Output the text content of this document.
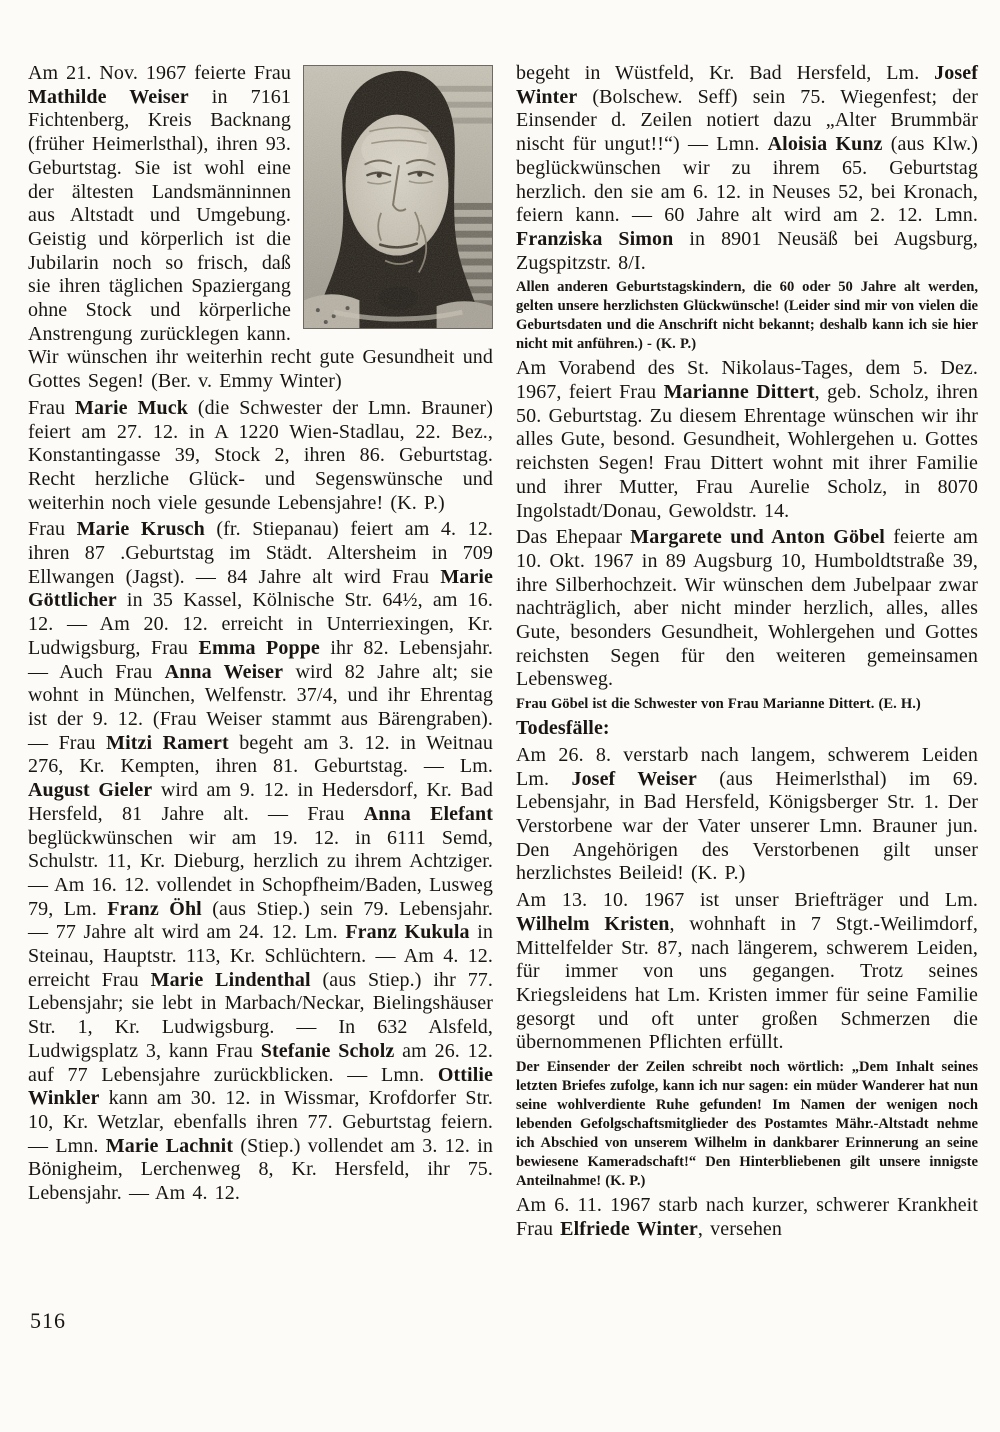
Am 21. Nov. 1967 feierte Frau Mathilde Weiser in 7161 Fichtenberg, Kreis Backnang (früher Heimerlsthal), ihren 93. Geburtstag. Sie ist wohl eine der ältesten Landsmänninnen aus Altstadt und Umgebung. Geistig und körperlich ist die Jubilarin noch so frisch, daß sie ihren täglichen Spaziergang ohne Stock und körperliche Anstrengung zurücklegen kann. Wir wünschen ihr weiterhin recht gute Gesundheit und Gottes Segen! (Ber. v. Emmy Winter)
Frau Marie Muck (die Schwester der Lmn. Brauner) feiert am 27. 12. in A 1220 Wien-Stadlau, 22. Bez., Konstantingasse 39, Stock 2, ihren 86. Geburtstag. Recht herzliche Glück- und Segenswünsche und weiterhin noch viele gesunde Lebensjahre! (K. P.)
Frau Marie Krusch (fr. Stiepanau) feiert am 4. 12. ihren 87 .Geburtstag im Städt. Altersheim in 709 Ellwangen (Jagst). — 84 Jahre alt wird Frau Marie Göttlicher in 35 Kassel, Kölnische Str. 64½, am 16. 12. — Am 20. 12. erreicht in Unterriexingen, Kr. Ludwigsburg, Frau Emma Poppe ihr 82. Lebensjahr. — Auch Frau Anna Weiser wird 82 Jahre alt; sie wohnt in München, Welfenstr. 37/4, und ihr Ehrentag ist der 9. 12. (Frau Weiser stammt aus Bärengraben). — Frau Mitzi Ramert begeht am 3. 12. in Weitnau 276, Kr. Kempten, ihren 81. Geburtstag. — Lm. August Gieler wird am 9. 12. in Hedersdorf, Kr. Bad Hersfeld, 81 Jahre alt. — Frau Anna Elefant beglückwünschen wir am 19. 12. in 6111 Semd, Schulstr. 11, Kr. Dieburg, herzlich zu ihrem Achtziger. — Am 16. 12. vollendet in Schopfheim/Baden, Lusweg 79, Lm. Franz Öhl (aus Stiep.) sein 79. Lebensjahr. — 77 Jahre alt wird am 24. 12. Lm. Franz Kukula in Steinau, Hauptstr. 113, Kr. Schlüchtern. — Am 4. 12. erreicht Frau Marie Lindenthal (aus Stiep.) ihr 77. Lebensjahr; sie lebt in Marbach/Neckar, Bielingshäuser Str. 1, Kr. Ludwigsburg. — In 632 Alsfeld, Ludwigsplatz 3, kann Frau Stefanie Scholz am 26. 12. auf 77 Lebensjahre zurückblicken. — Lmn. Ottilie Winkler kann am 30. 12. in Wissmar, Krofdorfer Str. 10, Kr. Wetzlar, ebenfalls ihren 77. Geburtstag feiern. — Lmn. Marie Lachnit (Stiep.) vollendet am 3. 12. in Bönigheim, Lerchenweg 8, Kr. Hersfeld, ihr 75. Lebensjahr. — Am 4. 12.
begeht in Wüstfeld, Kr. Bad Hersfeld, Lm. Josef Winter (Bolschew. Seff) sein 75. Wiegenfest; der Einsender d. Zeilen notiert dazu „Alter Brummbär nischt für ungut!!“) — Lmn. Aloisia Kunz (aus Klw.) beglückwünschen wir zu ihrem 65. Geburtstag herzlich. den sie am 6. 12. in Neuses 52, bei Kronach, feiern kann. — 60 Jahre alt wird am 2. 12. Lmn. Franziska Simon in 8901 Neusäß bei Augsburg, Zugspitzstr. 8/I.
Allen anderen Geburtstagskindern, die 60 oder 50 Jahre alt werden, gelten unsere herzlichsten Glückwünsche! (Leider sind mir von vielen die Geburtsdaten und die Anschrift nicht bekannt; deshalb kann ich sie hier nicht mit anführen.) - (K. P.)
Am Vorabend des St. Nikolaus-Tages, dem 5. Dez. 1967, feiert Frau Marianne Dittert, geb. Scholz, ihren 50. Geburtstag. Zu diesem Ehrentage wünschen wir ihr alles Gute, besond. Gesundheit, Wohlergehen u. Gottes reichsten Segen! Frau Dittert wohnt mit ihrer Familie und ihrer Mutter, Frau Aurelie Scholz, in 8070 Ingolstadt/Donau, Gewoldstr. 14.
Das Ehepaar Margarete und Anton Göbel feierte am 10. Okt. 1967 in 89 Augsburg 10, Humboldtstraße 39, ihre Silberhochzeit. Wir wünschen dem Jubelpaar zwar nachträglich, aber nicht minder herzlich, alles, alles Gute, besonders Gesundheit, Wohlergehen und Gottes reichsten Segen für den weiteren gemeinsamen Lebensweg.
Frau Göbel ist die Schwester von Frau Marianne Dittert. (E. H.)
Todesfälle:
Am 26. 8. verstarb nach langem, schwerem Leiden Lm. Josef Weiser (aus Heimerlsthal) im 69. Lebensjahr, in Bad Hersfeld, Königsberger Str. 1. Der Verstorbene war der Vater unserer Lmn. Brauner jun. Den Angehörigen des Verstorbenen gilt unser herzlichstes Beileid! (K. P.)
Am 13. 10. 1967 ist unser Briefträger und Lm. Wilhelm Kristen, wohnhaft in 7 Stgt.-Weilimdorf, Mittelfelder Str. 87, nach längerem, schwerem Leiden, für immer von uns gegangen. Trotz seines Kriegsleidens hat Lm. Kristen immer für seine Familie gesorgt und oft unter großen Schmerzen die übernommenen Pflichten erfüllt.
Der Einsender der Zeilen schreibt noch wörtlich: „Dem Inhalt seines letzten Briefes zufolge, kann ich nur sagen: ein müder Wanderer hat nun seine wohlverdiente Ruhe gefunden! Im Namen der wenigen noch lebenden Gefolgschaftsmitglieder des Postamtes Mähr.-Altstadt nehme ich Abschied von unserem Wilhelm in dankbarer Erinnerung an seine bewiesene Kameradschaft!“ Den Hinterbliebenen gilt unsere innigste Anteilnahme! (K. P.)
Am 6. 11. 1967 starb nach kurzer, schwerer Krankheit Frau Elfriede Winter, versehen
516
